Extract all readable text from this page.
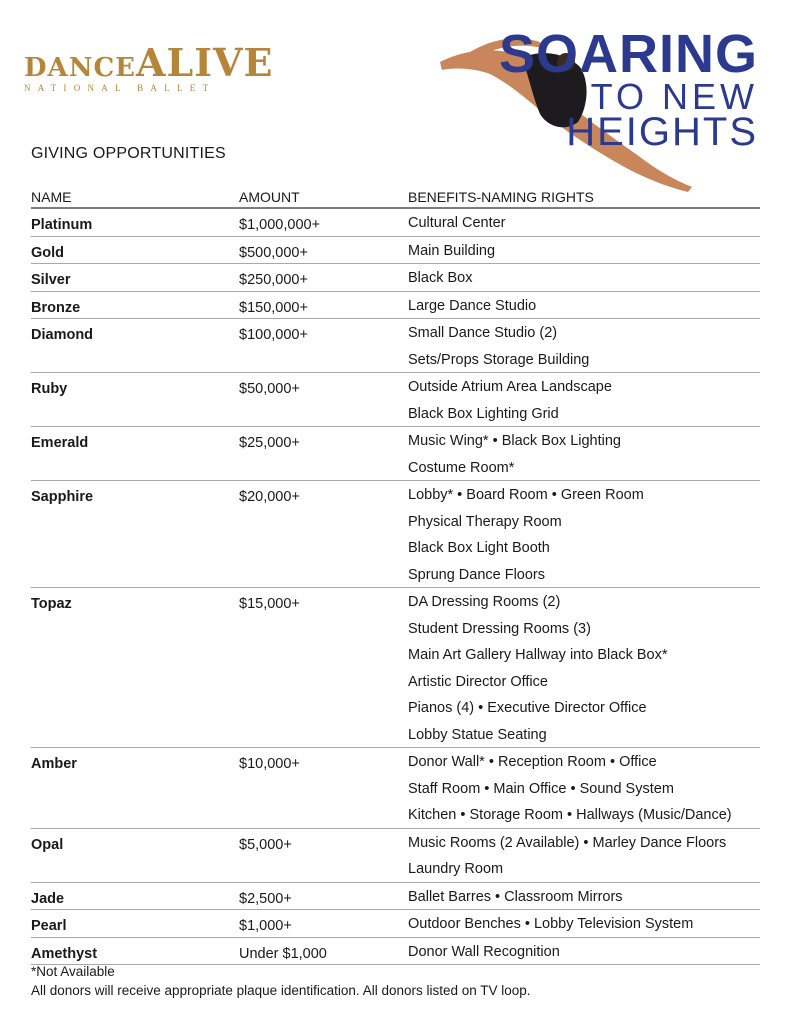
DANCEALIVE
NATIONAL BALLET
SOARING
TO NEW
HEIGHTS
GIVING OPPORTUNITIES
NAME	AMOUNT	BENEFITS-NAMING RIGHTS
Platinum	$1,000,000+	Cultural Center
Gold	$500,000+	Main Building
Silver	$250,000+	Black Box
Bronze	$150,000+	Large Dance Studio
Diamond	$100,000+	Small Dance Studio (2)
Sets/Props Storage Building
Ruby	$50,000+	Outside Atrium Area Landscape
Black Box Lighting Grid
Emerald	$25,000+	Music Wing* • Black Box Lighting
Costume Room*
Sapphire	$20,000+	Lobby* • Board Room • Green Room
Physical Therapy Room
Black Box Light Booth
Sprung Dance Floors
Topaz	$15,000+	DA Dressing Rooms (2)
Student Dressing Rooms (3)
Main Art Gallery Hallway into Black Box*
Artistic Director Office
Pianos (4) • Executive Director Office
Lobby Statue Seating
Amber	$10,000+	Donor Wall* • Reception Room • Office
Staff Room • Main Office • Sound System
Kitchen • Storage Room • Hallways (Music/Dance)
Opal	$5,000+	Music Rooms (2 Available) • Marley Dance Floors
Laundry Room
Jade	$2,500+	Ballet Barres • Classroom Mirrors
Pearl	$1,000+	Outdoor Benches • Lobby Television System
Amethyst	Under $1,000	Donor Wall Recognition
*Not Available
All donors will receive appropriate plaque identification. All donors listed on TV loop.
